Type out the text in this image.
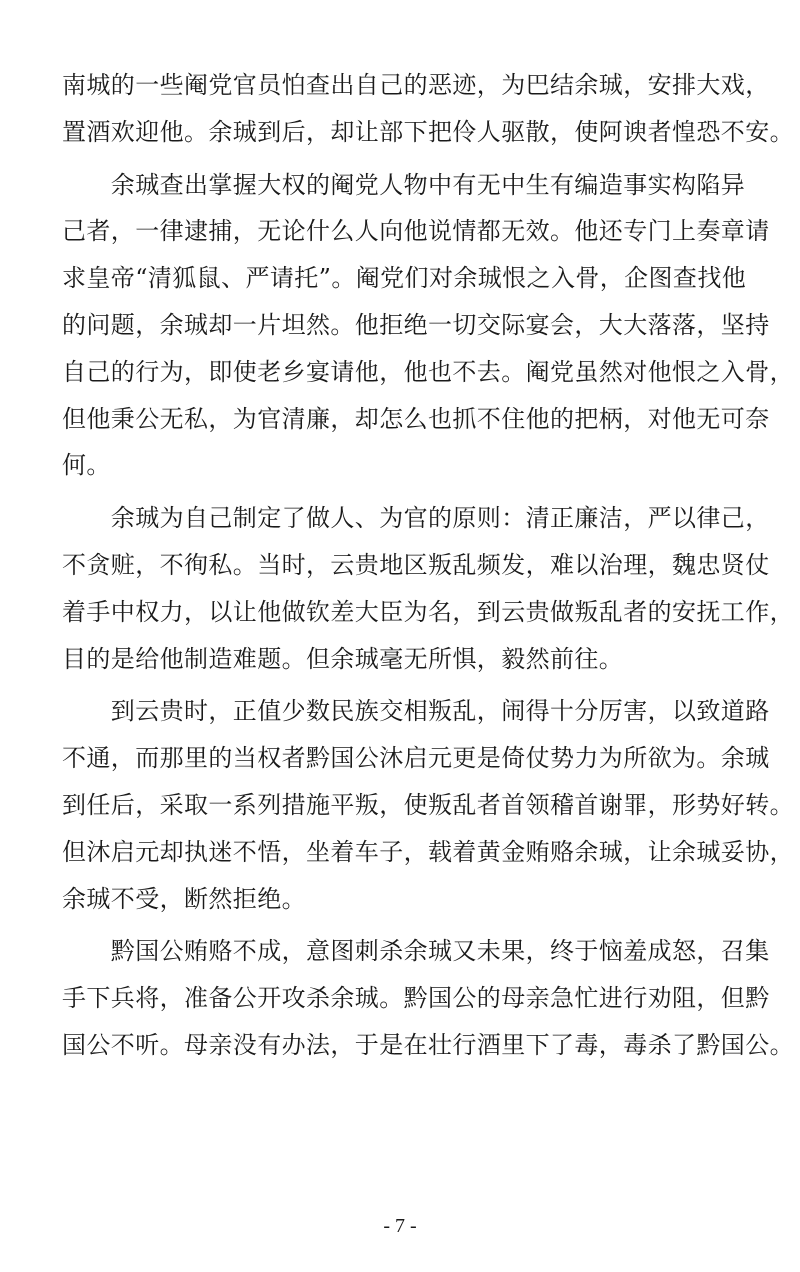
南城的一些阉党官员怕查出自己的恶迹，为巴结余珹，安排大戏，
置酒欢迎他。余珹到后，却让部下把伶人驱散，使阿谀者惶恐不安。
　　余珹查出掌握大权的阉党人物中有无中生有编造事实构陷异
己者，一律逮捕，无论什么人向他说情都无效。他还专门上奏章请
求皇帝“清狐鼠、严请托”。阉党们对余珹恨之入骨，企图查找他
的问题，余珹却一片坦然。他拒绝一切交际宴会，大大落落，坚持
自己的行为，即使老乡宴请他，他也不去。阉党虽然对他恨之入骨，
但他秉公无私，为官清廉，却怎么也抓不住他的把柄，对他无可奈
何。
　　余珹为自己制定了做人、为官的原则：清正廉洁，严以律己，
不贪赃，不徇私。当时，云贵地区叛乱频发，难以治理，魏忠贤仗
着手中权力，以让他做钦差大臣为名，到云贵做叛乱者的安抚工作，
目的是给他制造难题。但余珹毫无所惧，毅然前往。
　　到云贵时，正值少数民族交相叛乱，闹得十分厉害，以致道路
不通，而那里的当权者黔国公沐启元更是倚仗势力为所欲为。余珹
到任后，采取一系列措施平叛，使叛乱者首领稽首谢罪，形势好转。
但沐启元却执迷不悟，坐着车子，载着黄金贿赂余珹，让余珹妥协，
余珹不受，断然拒绝。
　　黔国公贿赂不成，意图刺杀余珹又未果，终于恼羞成怒，召集
手下兵将，准备公开攻杀余珹。黔国公的母亲急忙进行劝阻，但黔
国公不听。母亲没有办法，于是在壮行酒里下了毒，毒杀了黔国公。
- 7 -
